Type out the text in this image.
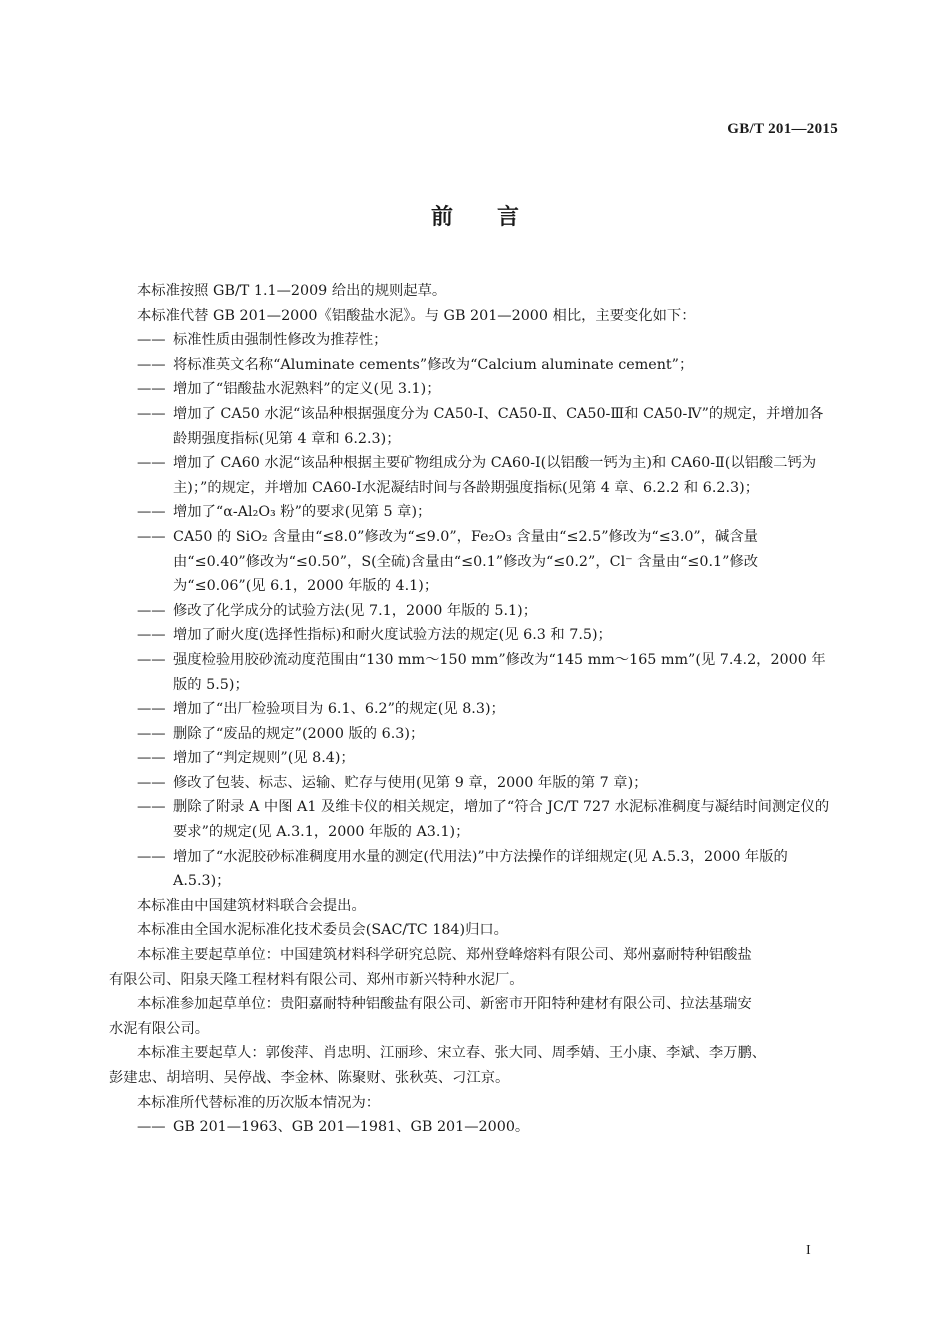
GB/T 201—2015
前 言

本标准按照 GB/T 1.1—2009 给出的规则起草。

本标准代替 GB 201—2000《铝酸盐水泥》。与 GB 201—2000 相比，主要变化如下：

—— 标准性质由强制性修改为推荐性；

—— 将标准英文名称“Aluminate cements”修改为“Calcium aluminate cement”；

—— 增加了“铝酸盐水泥熟料”的定义(见 3.1)；

—— 增加了 CA50 水泥“该品种根据强度分为 CA50-Ⅰ、CA50-Ⅱ、CA50-Ⅲ和 CA50-Ⅳ”的规定，并增加各龄期强度指标(见第 4 章和 6.2.3)；

—— 增加了 CA60 水泥“该品种根据主要矿物组成分为 CA60-Ⅰ(以铝酸一钙为主)和 CA60-Ⅱ(以铝酸二钙为主)；”的规定，并增加 CA60-Ⅰ水泥凝结时间与各龄期强度指标(见第 4 章、6.2.2 和 6.2.3)；

—— 增加了“α-Al₂O₃ 粉”的要求(见第 5 章)；

—— CA50 的 SiO₂ 含量由“≤8.0”修改为“≤9.0”，Fe₂O₃ 含量由“≤2.5”修改为“≤3.0”，碱含量由“≤0.40”修改为“≤0.50”，S(全硫)含量由“≤0.1”修改为“≤0.2”，Cl⁻ 含量由“≤0.1”修改为“≤0.06”(见 6.1，2000 年版的 4.1)；

—— 修改了化学成分的试验方法(见 7.1，2000 年版的 5.1)；

—— 增加了耐火度(选择性指标)和耐火度试验方法的规定(见 6.3 和 7.5)；

—— 强度检验用胶砂流动度范围由“130 mm～150 mm”修改为“145 mm～165 mm”(见 7.4.2，2000 年版的 5.5)；

—— 增加了“出厂检验项目为 6.1、6.2”的规定(见 8.3)；

—— 删除了“废品的规定”(2000 版的 6.3)；

—— 增加了“判定规则”(见 8.4)；

—— 修改了包装、标志、运输、贮存与使用(见第 9 章，2000 年版的第 7 章)；

—— 删除了附录 A 中图 A1 及维卡仪的相关规定，增加了“符合 JC/T 727 水泥标准稠度与凝结时间测定仪的要求”的规定(见 A.3.1，2000 年版的 A3.1)；

—— 增加了“水泥胶砂标准稠度用水量的测定(代用法)”中方法操作的详细规定(见 A.5.3，2000 年版的 A.5.3)；

本标准由中国建筑材料联合会提出。

本标准由全国水泥标准化技术委员会(SAC/TC 184)归口。

本标准主要起草单位：中国建筑材料科学研究总院、郑州登峰熔料有限公司、郑州嘉耐特种铝酸盐

有限公司、阳泉天隆工程材料有限公司、郑州市新兴特种水泥厂。

本标准参加起草单位：贵阳嘉耐特种铝酸盐有限公司、新密市开阳特种建材有限公司、拉法基瑞安

水泥有限公司。

本标准主要起草人：郭俊萍、肖忠明、江丽珍、宋立春、张大同、周季婧、王小康、李斌、李万鹏、

彭建忠、胡培明、吴停战、李金林、陈聚财、张秋英、刁江京。

本标准所代替标准的历次版本情况为：

—— GB 201—1963、GB 201—1981、GB 201—2000。

I
